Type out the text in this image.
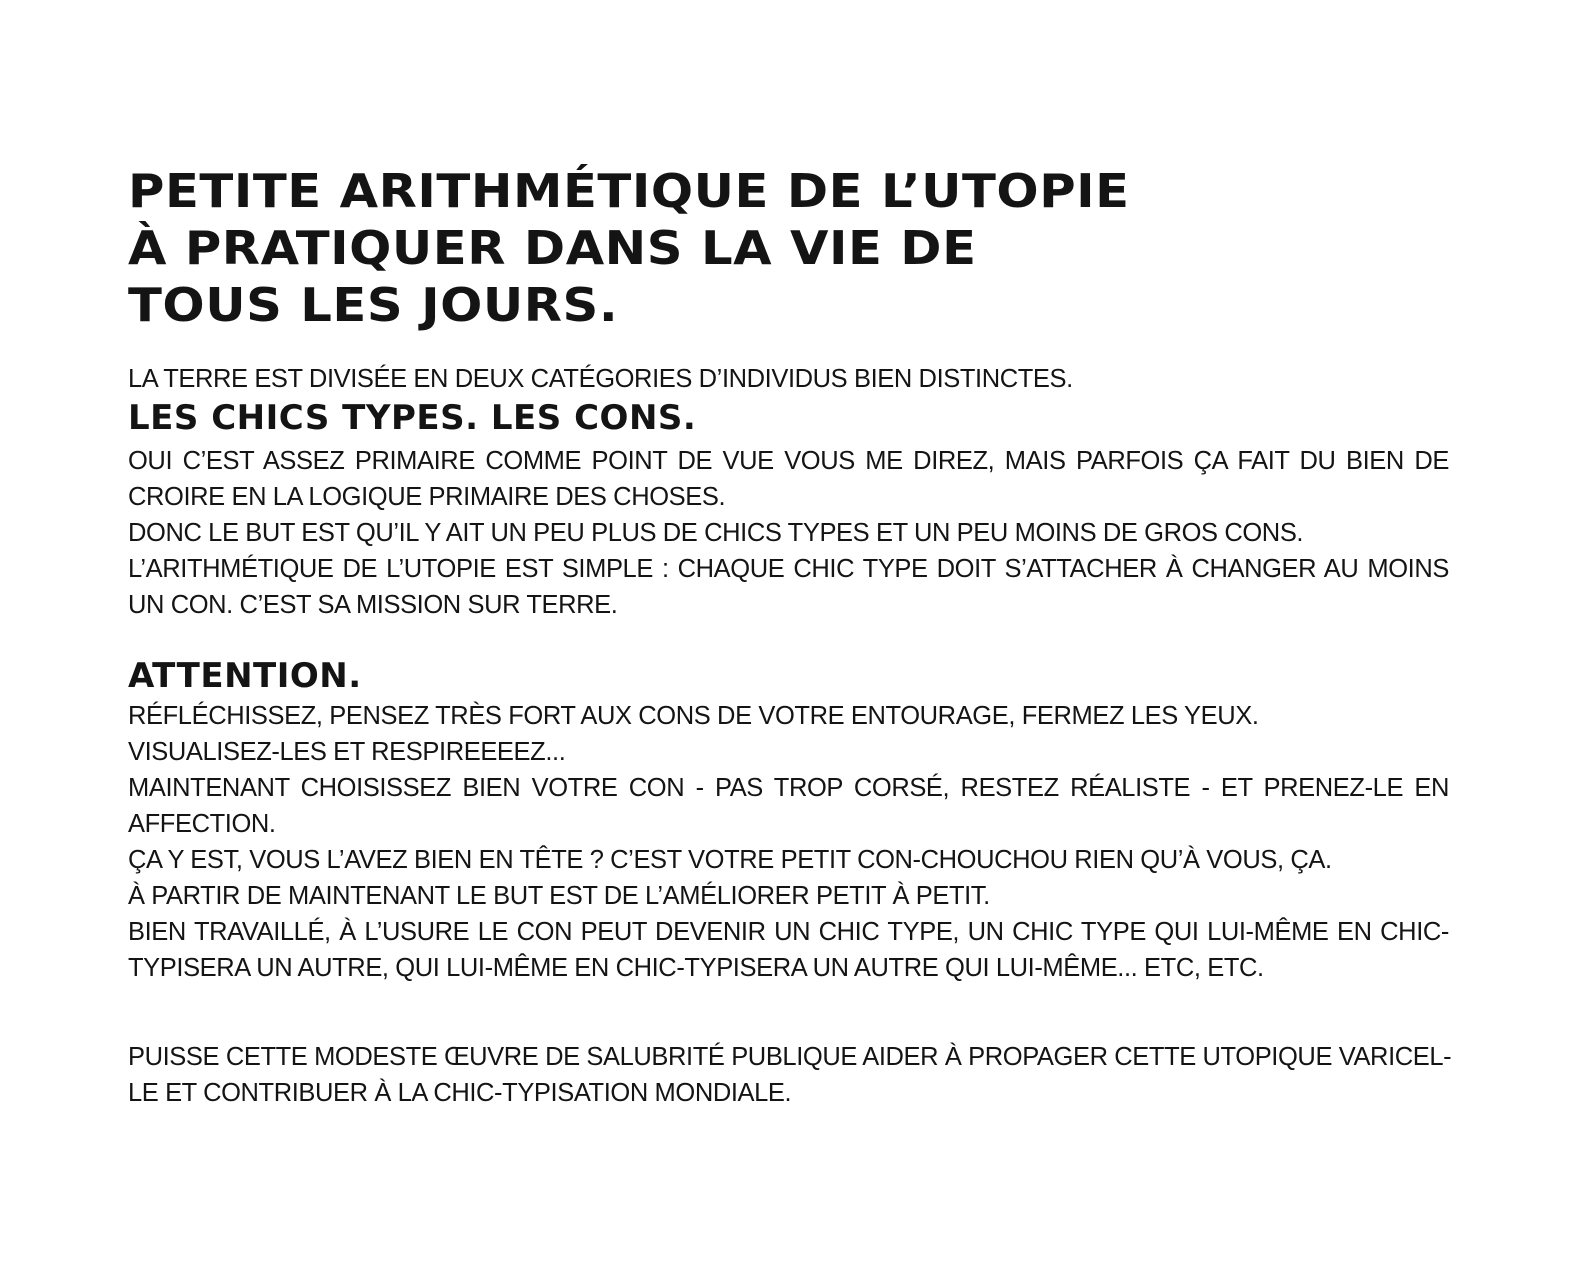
PETITE ARITHMÉTIQUE DE L’UTOPIE
À PRATIQUER DANS LA VIE DE
TOUS LES JOURS.

LA TERRE EST DIVISÉE EN DEUX CATÉGORIES D’INDIVIDUS BIEN DISTINCTES.

LES CHICS TYPES. LES CONS.

OUI C’EST ASSEZ PRIMAIRE COMME POINT DE VUE VOUS ME DIREZ, MAIS PARFOIS ÇA FAIT DU BIEN DE

CROIRE EN LA LOGIQUE PRIMAIRE DES CHOSES.

DONC LE BUT EST QU’IL Y AIT UN PEU PLUS DE CHICS TYPES ET UN PEU MOINS DE GROS CONS.

L’ARITHMÉTIQUE DE L’UTOPIE EST SIMPLE : CHAQUE CHIC TYPE DOIT S’ATTACHER À CHANGER AU MOINS

UN CON. C’EST SA MISSION SUR TERRE.

ATTENTION.

RÉFLÉCHISSEZ, PENSEZ TRÈS FORT AUX CONS DE VOTRE ENTOURAGE, FERMEZ LES YEUX.

VISUALISEZ-LES ET RESPIREEEEZ...

MAINTENANT CHOISISSEZ BIEN VOTRE CON - PAS TROP CORSÉ, RESTEZ RÉALISTE - ET PRENEZ-LE EN

AFFECTION.

ÇA Y EST, VOUS L’AVEZ BIEN EN TÊTE ? C’EST VOTRE PETIT CON-CHOUCHOU RIEN QU’À VOUS, ÇA.

À PARTIR DE MAINTENANT LE BUT EST DE L’AMÉLIORER PETIT À PETIT.

BIEN TRAVAILLÉ, À L’USURE LE CON PEUT DEVENIR UN CHIC TYPE, UN CHIC TYPE QUI LUI-MÊME EN CHIC-

TYPISERA UN AUTRE, QUI LUI-MÊME EN CHIC-TYPISERA UN AUTRE QUI LUI-MÊME... ETC, ETC.

PUISSE CETTE MODESTE ŒUVRE DE SALUBRITÉ PUBLIQUE AIDER À PROPAGER CETTE UTOPIQUE VARICEL-

LE ET CONTRIBUER À LA CHIC-TYPISATION MONDIALE.
